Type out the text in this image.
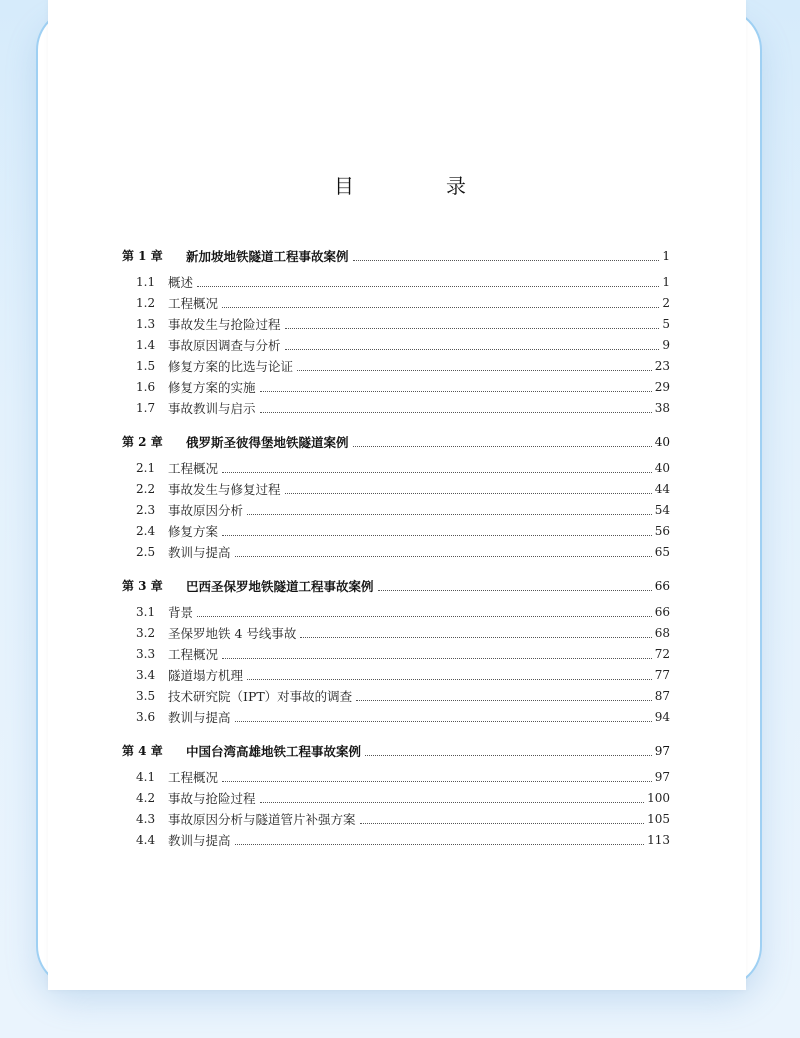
目　录
第 1 章	新加坡地铁隧道工程事故案例	1
1.1	概述	1
1.2	工程概况	2
1.3	事故发生与抢险过程	5
1.4	事故原因调查与分析	9
1.5	修复方案的比选与论证	23
1.6	修复方案的实施	29
1.7	事故教训与启示	38
第 2 章	俄罗斯圣彼得堡地铁隧道案例	40
2.1	工程概况	40
2.2	事故发生与修复过程	44
2.3	事故原因分析	54
2.4	修复方案	56
2.5	教训与提高	65
第 3 章	巴西圣保罗地铁隧道工程事故案例	66
3.1	背景	66
3.2	圣保罗地铁 4 号线事故	68
3.3	工程概况	72
3.4	隧道塌方机理	77
3.5	技术研究院（IPT）对事故的调查	87
3.6	教训与提高	94
第 4 章	中国台湾高雄地铁工程事故案例	97
4.1	工程概况	97
4.2	事故与抢险过程	100
4.3	事故原因分析与隧道管片补强方案	105
4.4	教训与提高	113
